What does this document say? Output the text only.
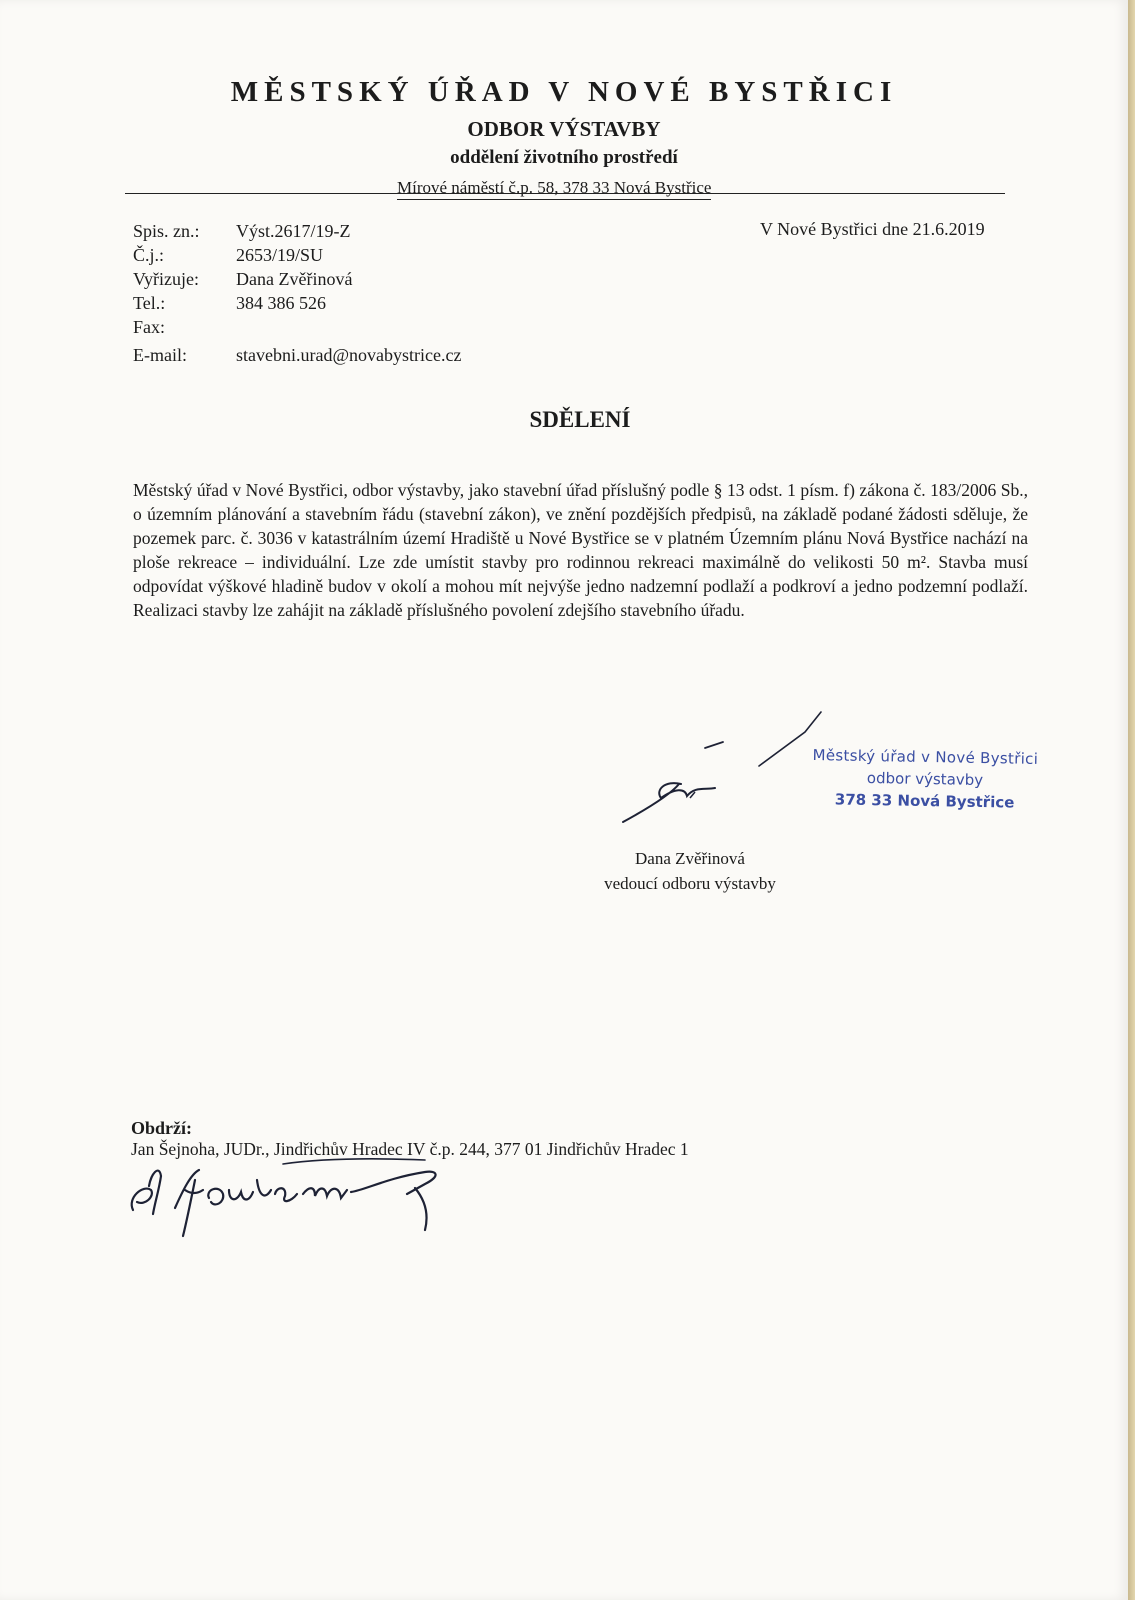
MĚSTSKÝ ÚŘAD V NOVÉ BYSTŘICI
ODBOR VÝSTAVBY
oddělení životního prostředí
Mírové náměstí č.p. 58, 378 33 Nová Bystřice
Spis. zn.:	Výst.2617/19-Z
Č.j.:	2653/19/SU
Vyřizuje:	Dana Zvěřinová
Tel.:	384 386 526
Fax:
E-mail:	stavebni.urad@novabystrice.cz
V Nové Bystřici dne 21.6.2019
SDĚLENÍ
Městský úřad v Nové Bystřici, odbor výstavby, jako stavební úřad příslušný podle § 13 odst. 1 písm. f) zákona č. 183/2006 Sb., o územním plánování a stavebním řádu (stavební zákon), ve znění pozdějších předpisů, na základě podané žádosti sděluje, že pozemek parc. č. 3036 v katastrálním území Hradiště u Nové Bystřice se v platném Územním plánu Nová Bystřice nachází na ploše rekreace – individuální. Lze zde umístit stavby pro rodinnou rekreaci maximálně do velikosti 50 m². Stavba musí odpovídat výškové hladině budov v okolí a mohou mít nejvýše jedno nadzemní podlaží a podkroví a jedno podzemní podlaží. Realizaci stavby lze zahájit na základě příslušného povolení zdejšího stavebního úřadu.
Městský úřad v Nové Bystřici
odbor výstavby
378 33 Nová Bystřice
Dana Zvěřinová
vedoucí odboru výstavby
Obdrží:
Jan Šejnoha, JUDr., Jindřichův Hradec IV č.p. 244, 377 01 Jindřichův Hradec 1
